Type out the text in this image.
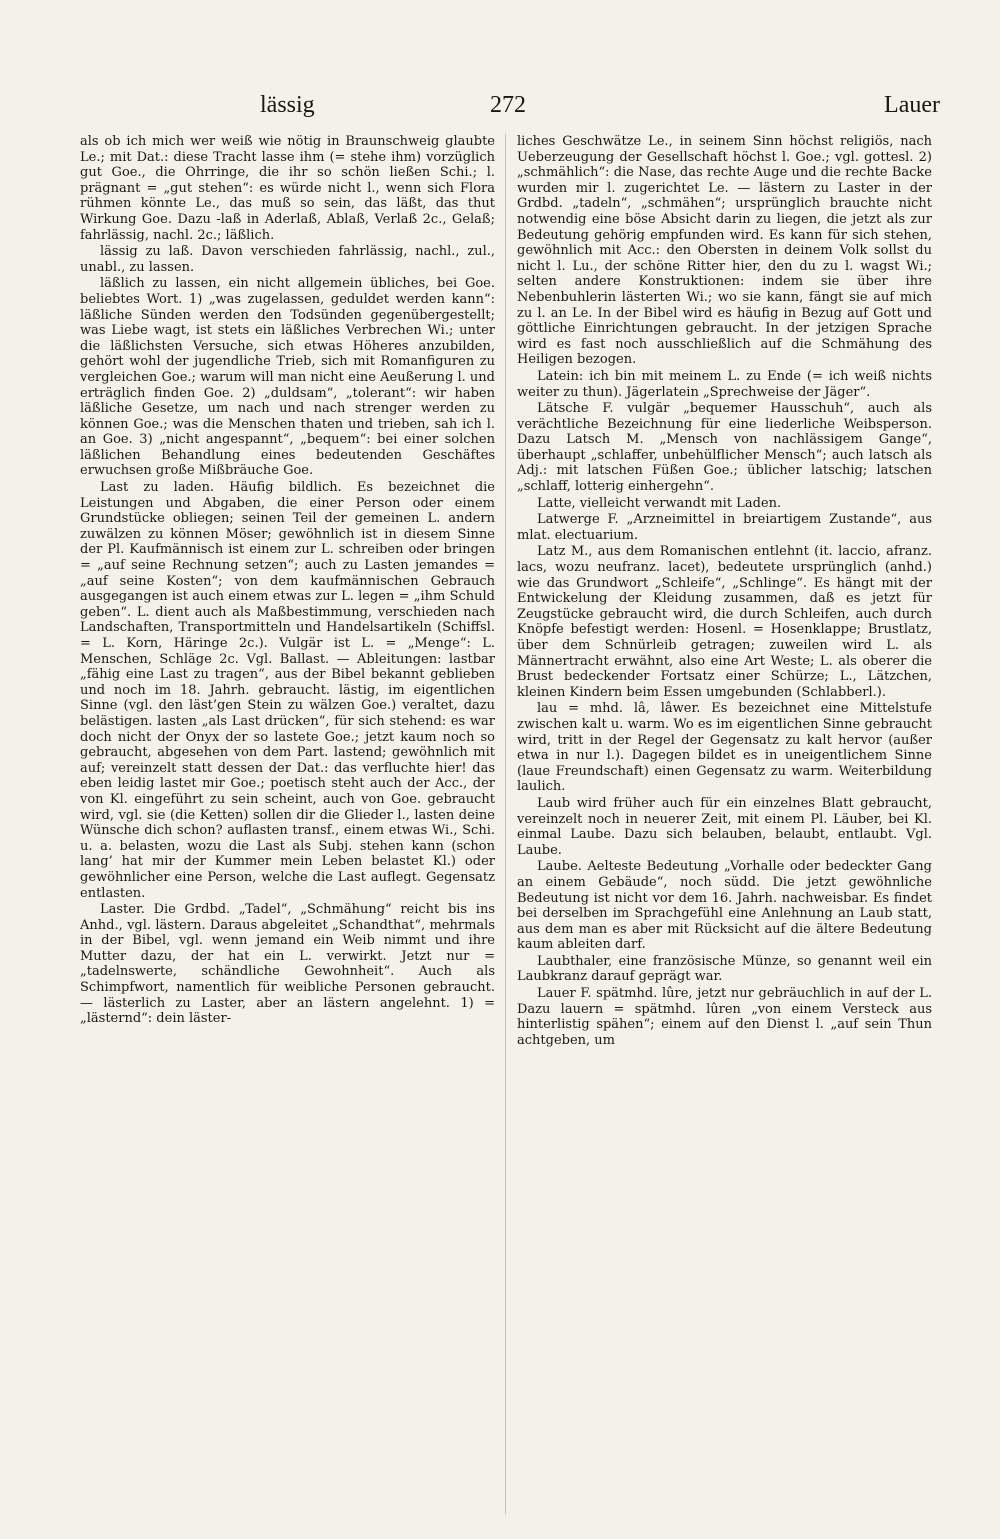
lässig	272	Lauer

als ob ich mich wer weiß wie nötig in Braunschweig glaubte Le.; mit Dat.: diese Tracht lasse ihm (= stehe ihm) vorzüglich gut Goe., die Ohrringe, die ihr so schön ließen Schi.; l. prägnant = „gut stehen“: es würde nicht l., wenn sich Flora rühmen könnte Le., das muß so sein, das läßt, das thut Wirkung Goe. Dazu -laß in Aderlaß, Ablaß, Verlaß 2c., Gelaß; fahrlässig, nachl. 2c.; läßlich.

lässig zu laß. Davon verschieden fahrlässig, nachl., zul., unabl., zu lassen.

läßlich zu lassen, ein nicht allgemein übliches, bei Goe. beliebtes Wort. 1) „was zugelassen, geduldet werden kann“: läßliche Sünden werden den Todsünden gegenübergestellt; was Liebe wagt, ist stets ein läßliches Verbrechen Wi.; unter die läßlichsten Versuche, sich etwas Höheres anzubilden, gehört wohl der jugendliche Trieb, sich mit Romanfiguren zu vergleichen Goe.; warum will man nicht eine Aeußerung l. und erträglich finden Goe. 2) „duldsam“, „tolerant“: wir haben läßliche Gesetze, um nach und nach strenger werden zu können Goe.; was die Menschen thaten und trieben, sah ich l. an Goe. 3) „nicht angespannt“, „bequem“: bei einer solchen läßlichen Behandlung eines bedeutenden Geschäftes erwuchsen große Mißbräuche Goe.

Last zu laden. Häufig bildlich. Es bezeichnet die Leistungen und Abgaben, die einer Person oder einem Grundstücke obliegen; seinen Teil der gemeinen L. andern zuwälzen zu können Möser; gewöhnlich ist in diesem Sinne der Pl. Kaufmännisch ist einem zur L. schreiben oder bringen = „auf seine Rechnung setzen“; auch zu Lasten jemandes = „auf seine Kosten“; von dem kaufmännischen Gebrauch ausgegangen ist auch einem etwas zur L. legen = „ihm Schuld geben“. L. dient auch als Maßbestimmung, verschieden nach Landschaften, Transportmitteln und Handelsartikeln (Schiffsl. = L. Korn, Häringe 2c.). Vulgär ist L. = „Menge“: L. Menschen, Schläge 2c. Vgl. Ballast. — Ableitungen: lastbar „fähig eine Last zu tragen“, aus der Bibel bekannt geblieben und noch im 18. Jahrh. gebraucht. lästig, im eigentlichen Sinne (vgl. den läst’gen Stein zu wälzen Goe.) veraltet, dazu belästigen. lasten „als Last drücken“, für sich stehend: es war doch nicht der Onyx der so lastete Goe.; jetzt kaum noch so gebraucht, abgesehen von dem Part. lastend; gewöhnlich mit auf; vereinzelt statt dessen der Dat.: das verfluchte hier! das eben leidig lastet mir Goe.; poetisch steht auch der Acc., der von Kl. eingeführt zu sein scheint, auch von Goe. gebraucht wird, vgl. sie (die Ketten) sollen dir die Glieder l., lasten deine Wünsche dich schon? auflasten transf., einem etwas Wi., Schi. u. a. belasten, wozu die Last als Subj. stehen kann (schon lang’ hat mir der Kummer mein Leben belastet Kl.) oder gewöhnlicher eine Person, welche die Last auflegt. Gegensatz entlasten.

Laster. Die Grdbd. „Tadel“, „Schmähung“ reicht bis ins Anhd., vgl. lästern. Daraus abgeleitet „Schandthat“, mehrmals in der Bibel, vgl. wenn jemand ein Weib nimmt und ihre Mutter dazu, der hat ein L. verwirkt. Jetzt nur = „tadelnswerte, schändliche Gewohnheit“. Auch als Schimpfwort, namentlich für weibliche Personen gebraucht. — lästerlich zu Laster, aber an lästern angelehnt. 1) = „lästernd“: dein läster-

liches Geschwätze Le., in seinem Sinn höchst religiös, nach Ueberzeugung der Gesellschaft höchst l. Goe.; vgl. gottesl. 2) „schmählich“: die Nase, das rechte Auge und die rechte Backe wurden mir l. zugerichtet Le. — lästern zu Laster in der Grdbd. „tadeln“, „schmähen“; ursprünglich brauchte nicht notwendig eine böse Absicht darin zu liegen, die jetzt als zur Bedeutung gehörig empfunden wird. Es kann für sich stehen, gewöhnlich mit Acc.: den Obersten in deinem Volk sollst du nicht l. Lu., der schöne Ritter hier, den du zu l. wagst Wi.; selten andere Konstruktionen: indem sie über ihre Nebenbuhlerin lästerten Wi.; wo sie kann, fängt sie auf mich zu l. an Le. In der Bibel wird es häufig in Bezug auf Gott und göttliche Einrichtungen gebraucht. In der jetzigen Sprache wird es fast noch ausschließlich auf die Schmähung des Heiligen bezogen.

Latein: ich bin mit meinem L. zu Ende (= ich weiß nichts weiter zu thun). Jägerlatein „Sprechweise der Jäger“.

Lätsche F. vulgär „bequemer Hausschuh“, auch als verächtliche Bezeichnung für eine liederliche Weibsperson. Dazu Latsch M. „Mensch von nachlässigem Gange“, überhaupt „schlaffer, unbehülflicher Mensch“; auch latsch als Adj.: mit latschen Füßen Goe.; üblicher latschig; latschen „schlaff, lotterig einhergehn“.

Latte, vielleicht verwandt mit Laden.

Latwerge F. „Arzneimittel in breiartigem Zustande“, aus mlat. electuarium.

Latz M., aus dem Romanischen entlehnt (it. laccio, afranz. lacs, wozu neufranz. lacet), bedeutete ursprünglich (anhd.) wie das Grundwort „Schleife“, „Schlinge“. Es hängt mit der Entwickelung der Kleidung zusammen, daß es jetzt für Zeugstücke gebraucht wird, die durch Schleifen, auch durch Knöpfe befestigt werden: Hosenl. = Hosenklappe; Brustlatz, über dem Schnürleib getragen; zuweilen wird L. als Männertracht erwähnt, also eine Art Weste; L. als oberer die Brust bedeckender Fortsatz einer Schürze; L., Lätzchen, kleinen Kindern beim Essen umgebunden (Schlabberl.).

lau = mhd. lâ, lâwer. Es bezeichnet eine Mittelstufe zwischen kalt u. warm. Wo es im eigentlichen Sinne gebraucht wird, tritt in der Regel der Gegensatz zu kalt hervor (außer etwa in nur l.). Dagegen bildet es in uneigentlichem Sinne (laue Freundschaft) einen Gegensatz zu warm. Weiterbildung laulich.

Laub wird früher auch für ein einzelnes Blatt gebraucht, vereinzelt noch in neuerer Zeit, mit einem Pl. Läuber, bei Kl. einmal Laube. Dazu sich belauben, belaubt, entlaubt. Vgl. Laube.

Laube. Aelteste Bedeutung „Vorhalle oder bedeckter Gang an einem Gebäude“, noch südd. Die jetzt gewöhnliche Bedeutung ist nicht vor dem 16. Jahrh. nachweisbar. Es findet bei derselben im Sprachgefühl eine Anlehnung an Laub statt, aus dem man es aber mit Rücksicht auf die ältere Bedeutung kaum ableiten darf.

Laubthaler, eine französische Münze, so genannt weil ein Laubkranz darauf geprägt war.

Lauer F. spätmhd. lûre, jetzt nur gebräuchlich in auf der L. Dazu lauern = spätmhd. lûren „von einem Versteck aus hinterlistig spähen“; einem auf den Dienst l. „auf sein Thun achtgeben, um
